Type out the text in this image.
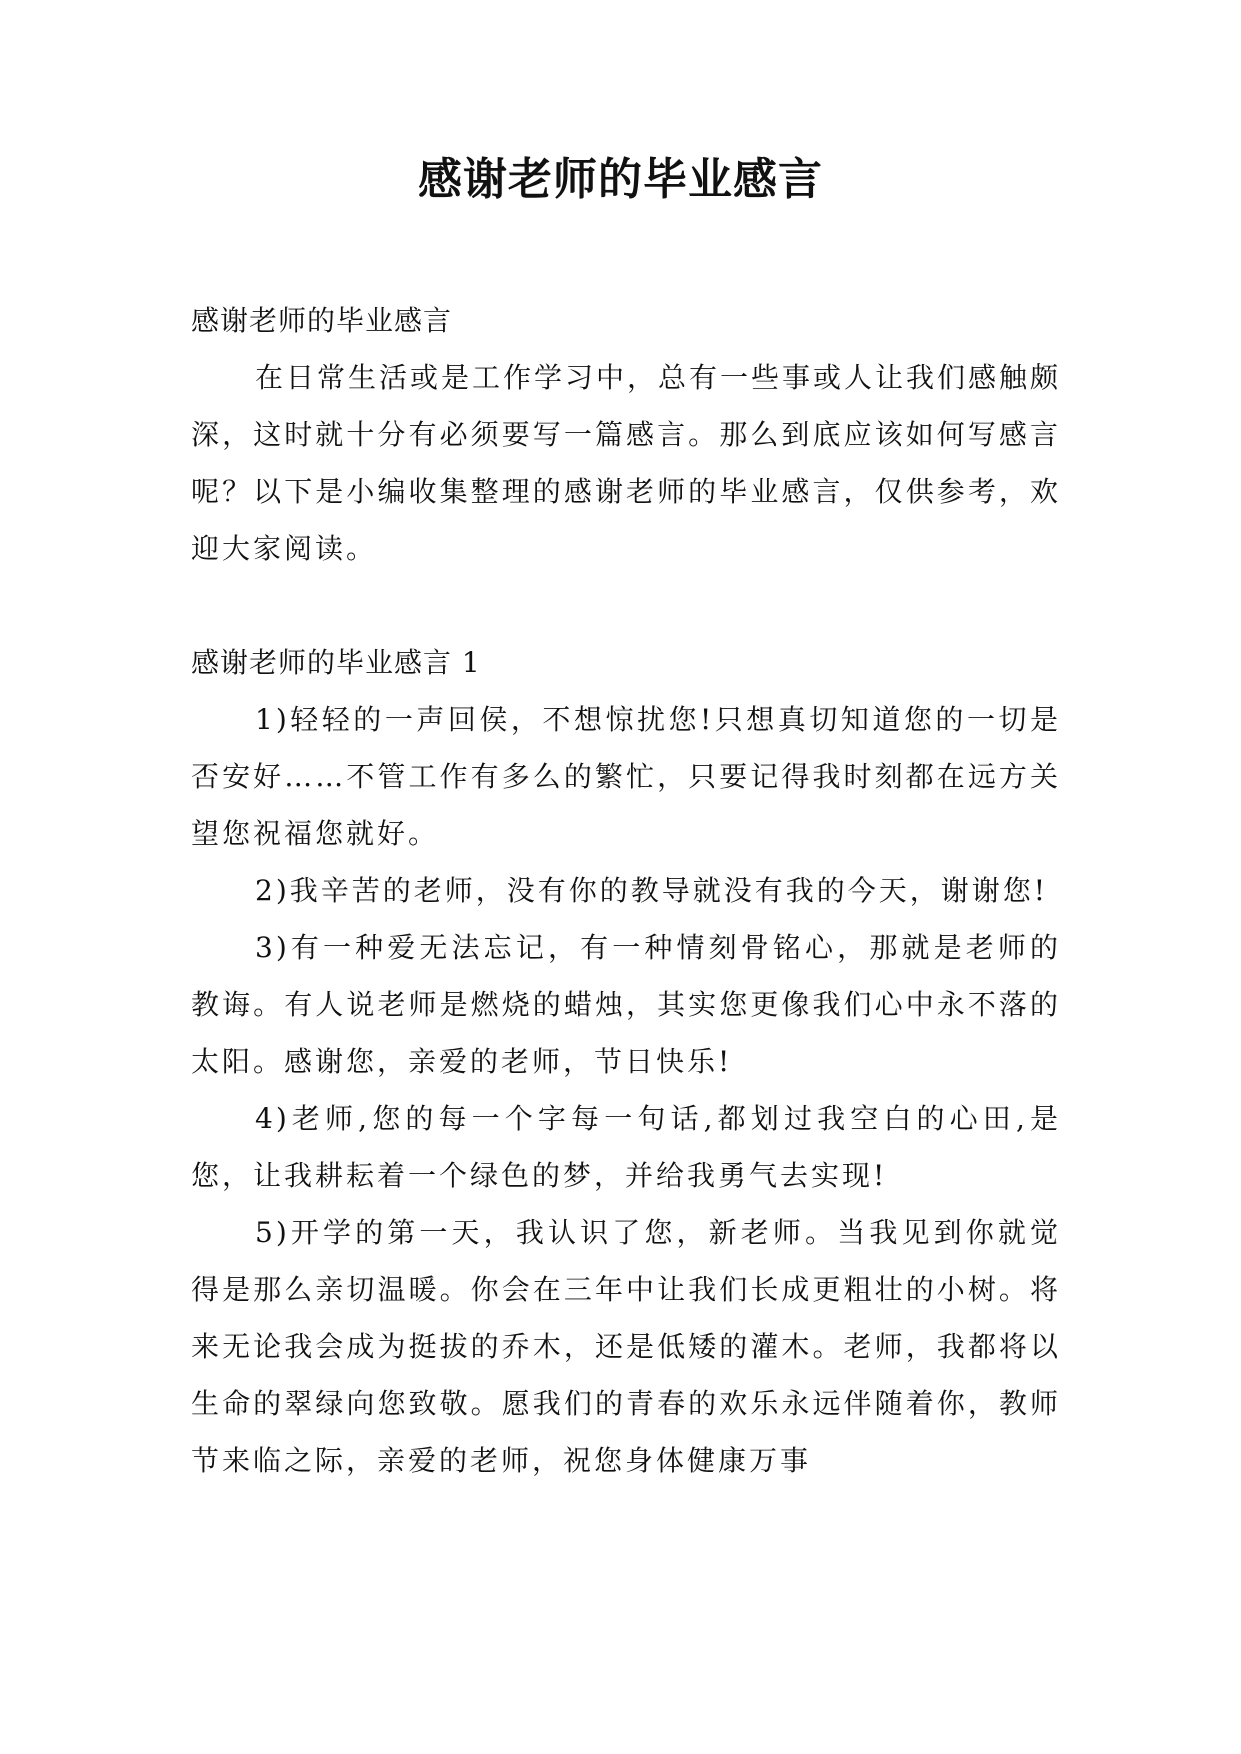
感谢老师的毕业感言

感谢老师的毕业感言

在日常生活或是工作学习中，总有一些事或人让我们感触颇深，这时就十分有必须要写一篇感言。那么到底应该如何写感言呢？以下是小编收集整理的感谢老师的毕业感言，仅供参考，欢迎大家阅读。

感谢老师的毕业感言 1

1)轻轻的一声回侯，不想惊扰您!只想真切知道您的一切是否安好……不管工作有多么的繁忙，只要记得我时刻都在远方关望您祝福您就好。

2)我辛苦的老师，没有你的教导就没有我的今天，谢谢您!

3)有一种爱无法忘记，有一种情刻骨铭心，那就是老师的教诲。有人说老师是燃烧的蜡烛，其实您更像我们心中永不落的太阳。感谢您，亲爱的老师，节日快乐!

4)老师,您的每一个字每一句话,都划过我空白的心田,是您，让我耕耘着一个绿色的梦，并给我勇气去实现!

5)开学的第一天，我认识了您，新老师。当我见到你就觉得是那么亲切温暖。你会在三年中让我们长成更粗壮的小树。将来无论我会成为挺拔的乔木，还是低矮的灌木。老师，我都将以生命的翠绿向您致敬。愿我们的青春的欢乐永远伴随着你，教师节来临之际，亲爱的老师，祝您身体健康万事
